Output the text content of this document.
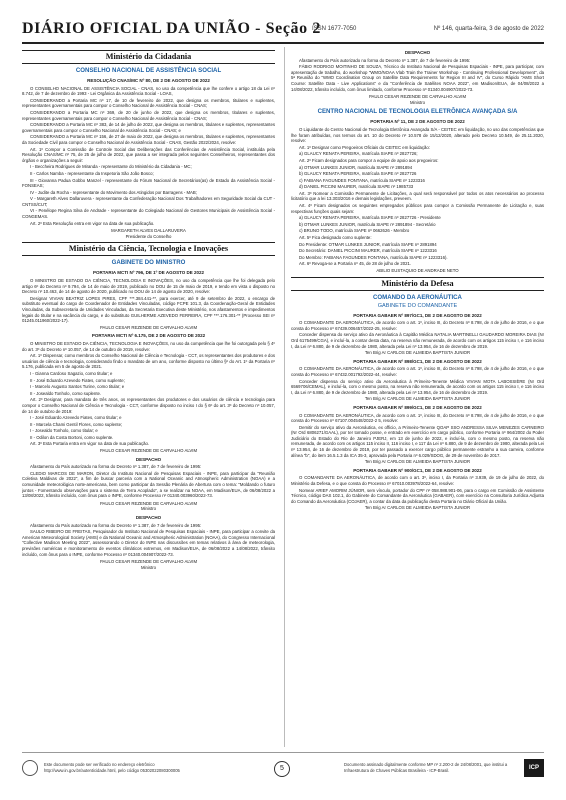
DIÁRIO OFICIAL DA UNIÃO - Seção 2
ISSN 1677-7050	Nº 146, quarta-feira, 3 de agosto de 2022
Ministério da Cidadania
CONSELHO NACIONAL DE ASSISTÊNCIA SOCIAL
RESOLUÇÃO CNAS/MC Nº 80, DE 2 DE AGOSTO DE 2022

O CONSELHO NACIONAL DE ASSISTÊNCIA SOCIAL - CNAS, no uso da competência que lhe confere o artigo 18 da Lei nº 8.742, de 7 de dezembro de 1993 - Lei Orgânica da Assistência Social - LOAS,

CONSIDERANDO a Portaria MC nº 17, de 10 de fevereiro de 2022, que designa os membros, titulares e suplentes, representantes governamentais para compor o Conselho Nacional de Assistência Social - CNAS;

CONSIDERANDO a Portaria MC nº 369, de 20 de junho de 2022, que designa os membros, titulares e suplentes, representantes governamentais para compor o Conselho Nacional de Assistência Social - CNAS;

CONSIDERANDO a Portaria MC nº 383, de 14 de julho de 2022, que designa os membros, titulares e suplentes, representantes governamentais para compor o Conselho Nacional de Assistência Social - CNAS; e

CONSIDERANDO a Portaria MC nº 156, de 27 de maio de 2022, que designa os membros, titulares e suplentes, representantes da Sociedade Civil para compor o Conselho Nacional de Assistência Social - CNAS, Gestão 2022/2024, resolve:

Art. 1º Compor a Comissão de Controle Social das Deliberações das Conferências de Assistência Social, instituída pela Resolução CNAS/MC nº 75, de 25 de julho de 2022, que passa a ser integrada pelos seguintes Conselheiros, representantes dos órgãos e organizações a seguir:

I - Beccheira Rodrigues de Miranda - representante do Ministério da Cidadania - MC;

II - Carlos Namba - representante da Inspetoria São João Bosco;

III - Giovanna Padua Gobbo Manzel - representante do Fórum Nacional de Secretários(as) de Estado da Assistência Social - FONSEAS;

IV - Judite da Rocha - representante do Movimento dos Atingidos por Barragens - MAB;

V - Margareth Alves Dallaruvera - representante da Confederação Nacional Dos Trabalhadores em Seguridade Social da CUT - CNTSS/CUT;

VI - Penélope Regina Silva de Andrade - representante do Colegiado Nacional de Gestores Municipais de Assistência Social - CONGEMAS.

Art. 2º Esta Resolução entra em vigor na data de sua publicação.

MARGARETH ALVES DALLARUVERA
Presidente do Conselho
Ministério da Ciência, Tecnologia e Inovações
GABINETE DO MINISTRO
PORTARIA MCTI Nº 796, DE 1º DE AGOSTO DE 2022

O MINISTRO DE ESTADO DA CIÊNCIA, TECNOLOGIA E INOVAÇÕES, no uso da competência que lhe foi delegada pelo artigo 6º do Decreto nº 9.794, de 14 de maio de 2019, publicado no DOU de 15 de maio de 2019, e tendo em vista o disposto no Decreto nº 10.463, de 14 de agosto de 2020, publicado no DOU de 14 de agosto de 2020, resolve:

Designar VIVIAN BEATRIZ LOPES PIRES, CPF ***.384.441-**, para exercer, até 9 de setembro de 2022, o encargo de substituto eventual do cargo de Coordenador de Entidades Vinculadas, código FCPE 101.3, da Coordenação-Geral de Entidades Vinculadas, da Subsecretaria de Unidades Vinculadas, da Secretaria Executiva deste Ministério, nos afastamentos e impedimentos legais do titular e na vacância do cargo, e do substituto GUILHERME AZEVEDO FERREIRA, CPF ***.176.301-** (Processo SEI nº 01245.011960/2022-17).

PAULO CESAR REZENDE DE CARVALHO ALVIM
PORTARIA MCTI Nº 6.175, DE 2 DE AGOSTO DE 2022

O MINISTRO DE ESTADO DA CIÊNCIA, TECNOLOGIA E INOVAÇÕES, no uso da competência que lhe foi outorgada pelo § 4º do art. 3º do Decreto nº 10.057, de 14 de outubro de 2019, resolve:

Art. 1º Dispensar, como membros do Conselho Nacional de Ciência e Tecnologia - CCT, os representantes dos produtores e dos usuários de ciência e tecnologia, considerando findo o mandato de um ano, conforme disposto no último §º do Art. 1º da Portaria nº 5.176, publicada em 5 de agosto de 2021.

I - Gianna Cardoso Sagazio, como titular; e

II - José Eduardo Azevedo Fiates, como suplente;

I - Marcelo Augusto Santos Turine, como titular; e

II - Josealdo Tonholo, como suplente.

Art. 2º Designar, para mandato de três anos, os representantes dos produtores e dos usuários de ciência e tecnologia para compor o Conselho Nacional de Ciência e Tecnologia - CCT, conforme disposto no inciso I do § 6º do art. 3º do Decreto nº 10.057, de 14 de outubro de 2019:

I - José Eduardo Azevedo Fiates, como titular; e

II - Marcela Chami Gentil Flores, como suplente;

I - Josealdo Tonholo, como titular; e

II - Odilon da Costa Bortoni, como suplente.

Art. 3º Esta Portaria entra em vigor na data de sua publicação.

PAULO CESAR REZENDE DE CARVALHO ALVIM
DESPACHO

Afastamento do País autorizado na forma do Decreto nº 1.387, de 7 de fevereiro de 1995:

CLEDIO MARCOS DE MARON, Diretor do Instituto Nacional de Pesquisas Espaciais - INPE, para participar da "Reunião Coletiva Maldivas de 2022", a fim de buscar parceria com a National Oceanic and Atmospheric Administration (NOAA) e a comunidade meteorológica norte-americana, bem como participar da Sessão Plenária de Abertura com o tema: "Moldando o futuro juntos - Fomentando observações para o sistema de Terra Acoplado", a se realizar na NOAA, em Madison/EUA, de 06/08/2022 a 13/08/2022, trânsito incluído, com ônus para o INPE, conforme Processo nº 01340.003960/2022-73.

PAULO CESAR REZENDE DE CARVALHO ALVIM
Ministro
DESPACHO

Afastamento do País autorizado na forma do Decreto nº 1.387, de 7 de fevereiro de 1995:

SAULO RIBEIRO DE FREITAS, Pesquisador do Instituto Nacional de Pesquisas Espaciais - INPE, para participar a convite da American Meteorological Society (AMS) e da National Oceanic and Atmospheric Administration (NOAA), do Congresso Internacional "Collective Madison Meeting 2022", assessorando o Diretor do INPE nas discussões em temas relativos à área de meteorologia, previsões numéricas e monitoramento de eventos climáticos extremos, em Madison/EUA, de 06/08/2022 a 14/08/2022, trânsito incluído, com ônus para o INPE, conforme Processo nº 01340.004907/2022-73.

PAULO CESAR REZENDE DE CARVALHO ALVIM
Ministro
DESPACHO

Afastamento do País autorizado na forma do Decreto nº 1.387, de 7 de fevereiro de 1995:

FÁBIO RODRIGO MOITINHO DE SOUZA, Técnico do Instituto Nacional de Pesquisas Espaciais - INPE, para participar, com apresentação de trabalho, do workshop "WMO/NOAA Vlab Train the Trainer Workshop - Continuing Professional Development", da 5ª Reunião do "WMO Coordination Group on Satellite Data Requirements for Region III and IV", do Curso Rápido "AMS Short Course: Satellite Data - Live Applications" e da "Conferência de Satélites NOAA 2022", em Madison/EUA, de 04/08/2022 a 14/08/2022, trânsito incluído, com ônus limitado, conforme Processo nº 01340.004907/2022-73.

PAULO CESAR REZENDE DE CARVALHO ALVIM
Ministro
CENTRO NACIONAL DE TECNOLOGIA ELETRÔNICA AVANÇADA S/A
PORTARIA Nº 11, DE 2 DE AGOSTO DE 2022

O Liquidante do Centro Nacional de Tecnologia Eletrônica Avançada S/A - CEITEC em liquidação, no uso das competências que lhe foram atribuídas, nos termos do art. 10 do Decreto nº 10.578 de 15/12/2020, alterado pelo Decreto 10.549, de 25.11.2020, resolve:

Art. 1º Designar como Pregoeiros Oficiais do CEITEC em liquidação:

a) GLAUCY RENATA PEREIRA, matrícula SIAPE nº 2827726;

Art. 2º Ficam designados para compor a equipe de apoio aos pregoeiros:

a) OTMAR LUNKES JUNIOR, matrícula SIAPE nº 2891894

b) GLAUCY RENATA PEREIRA, matrícula SIAPE nº 2827726

c) FABIANA FAGUNDES FONTANA, matrícula SIAPE nº 1223316

d) DANIEL PICCINI MAURER, matrícula SIAPE nº 1985733

Art. 3º Nomear a Comissão Permanente de Licitações, a qual será responsável por todos os atos necessários ao processo licitatório que a lei 13.303/2016 e demais legislações, preveem.

Art. 4º Ficam designados os seguintes empregados públicos para compor a Comissão Permanente de Licitação e, suas respectivas funções quais sejam:

a) GLAUCY RENATA PEREIRA, matrícula SIAPE nº 2827726 - Presidente

b) OTMAR LUNKES JUNIOR, matrícula SIAPE nº 2891894 - Secretário

c) BRUNO TODO, matrícula SIAPE nº 0662626 - Membro

Art. 5º Fica designado como suplente:

Do Presidente: OTMAR LUNKES JUNIOR, matrícula SIAPE nº 2891894

Do Secretário: DANIEL PICCINI MAURER, matrícula SIAPE nº 1223316

Do Membro: FABIANA FAGUNDES FONTANA, matrícula SIAPE nº 1223316).

Art. 6º Revoga-se a Portaria nº 45, de 28 de julho de 2021.

ABILIO EUSTAQUIO DE ANDRADE NETO
Ministério da Defesa
COMANDO DA AERONÁUTICA
GABINETE DO COMANDANTE
PORTARIA GABAER Nº 897/GC1, DE 2 DE AGOSTO DE 2022

O COMANDANTE DA AERONÁUTICA, de acordo com o art. 1º, inciso III, do Decreto nº 8.798, de 4 de julho de 2016, e o que consta do Processo nº 67439.006457/2022-25, resolve:

Conceder dispensa do serviço ativo da Aeronáutica à Capitão Médica NATALIA MARTINELLI GAUDARDO MOREIRA DIAS (Nr Ord 6175499/CGA), e incluí-la, a contar desta data, na reserva não remunerada, de acordo com os artigos 115 inciso I, e 116 inciso I, da Lei nº 6.880, de 9 de dezembro de 1980, alterada pela Lei nº 13.954, de 16 de dezembro de 2019.

Ten Brig Ar CARLOS DE ALMEIDA BAPTISTA JUNIOR
PORTARIA GABAER Nº 898/GC1, DE 2 DE AGOSTO DE 2022

O COMANDANTE DA AERONÁUTICA, de acordo com o art. 1º, inciso III, do Decreto nº 8.798, de 4 de julho de 2016, e o que consta do Processo nº 67432.001792/2022-44, resolve:

Conceder dispensa do serviço ativo da Aeronáutica à Primeiro-Tenente Médica VIVIAN MOTA LABOSSIÈRE (Nr Ord 6569706/CEMAL), e incluí-la, com o mesmo posto, na reserva não remunerada, de acordo com os artigos 115 inciso I, e 116 inciso I, da Lei nº 6.880, de 9 de dezembro de 1980, alterada pela Lei nº 13.954, de 16 de dezembro de 2019.

Ten Brig Ar CARLOS DE ALMEIDA BAPTISTA JUNIOR
PORTARIA GABAER Nº 899/GC1, DE 2 DE AGOSTO DE 2022

O COMANDANTE DA AERONÁUTICA, de acordo com o art. 1º, inciso III, do Decreto nº 8.798, de 4 de julho de 2016, e o que consta do Processo nº 67107.004548/2022-2 5, resolve:

Demitir do serviço ativo da Aeronáutica, ex officio, a Primeiro-Tenente QOAP SSO ANDRESSA SILVA MENEZES CARNEIRO (Nr Ord 6806271/GAAL), por ter tomado posse, e entrado em exercício em cargo público, conforme Portaria nº 964/2002 do Poder Judiciário do Estado do Rio de Janeiro PJERJ, em 13 de junho de 2022, e incluí-la, com o mesmo posto, na reserva não remunerada, de acordo com os artigos 115 inciso II, 116 inciso I, e 117 da Lei nº 6.880, de 9 de dezembro de 1980, alterada pela Lei nº 13.954, de 16 de dezembro de 2019, por ter passado a exercer cargo público permanente estranho a sua carreira, conforme alínea "b", do item 16.5.1.3 da ICA 35-3, aprovada pela Portaria nº 6.029/SDOG, de 29 de novembro de 2017.

Ten Brig Ar CARLOS DE ALMEIDA BAPTISTA JUNIOR
PORTARIA GABAER Nº 900/GC1, DE 2 DE AGOSTO DE 2022

O COMANDANTE DA AERONÁUTICA, de acordo com o art. 3º, inciso I, da Portaria nº 3.939, de 19 de julho de 2022, do Ministério da Defesa, e o que consta do Processo nº 67010.003978/2022-64, resolve:

Nomear ARIEF AMORIM JÚNIOR, sem vínculo, portador do CPF nº 058.988.901-06, para o cargo em Comissão de Assistente Técnico, código DAS 102.1, do Gabinete do Comandante da Aeronáutica (GABAER), com exercício na Consultoria Jurídica Adjunta do Comando da Aeronáutica (COJAER), a contar da data da publicação desta Portaria no Diário Oficial da União.

Ten Brig Ar CARLOS DE ALMEIDA BAPTISTA JUNIOR
Este documento pode ser verificado no endereço eletrônico http://www.in.gov.br/autenticidade.html, pelo código 05302022080300005	5
Documento assinado digitalmente conforme MP nº 2.200-2 de 24/08/2001, que institui a Infraestrutura de Chaves Públicas Brasileira - ICP-Brasil.	ICP
